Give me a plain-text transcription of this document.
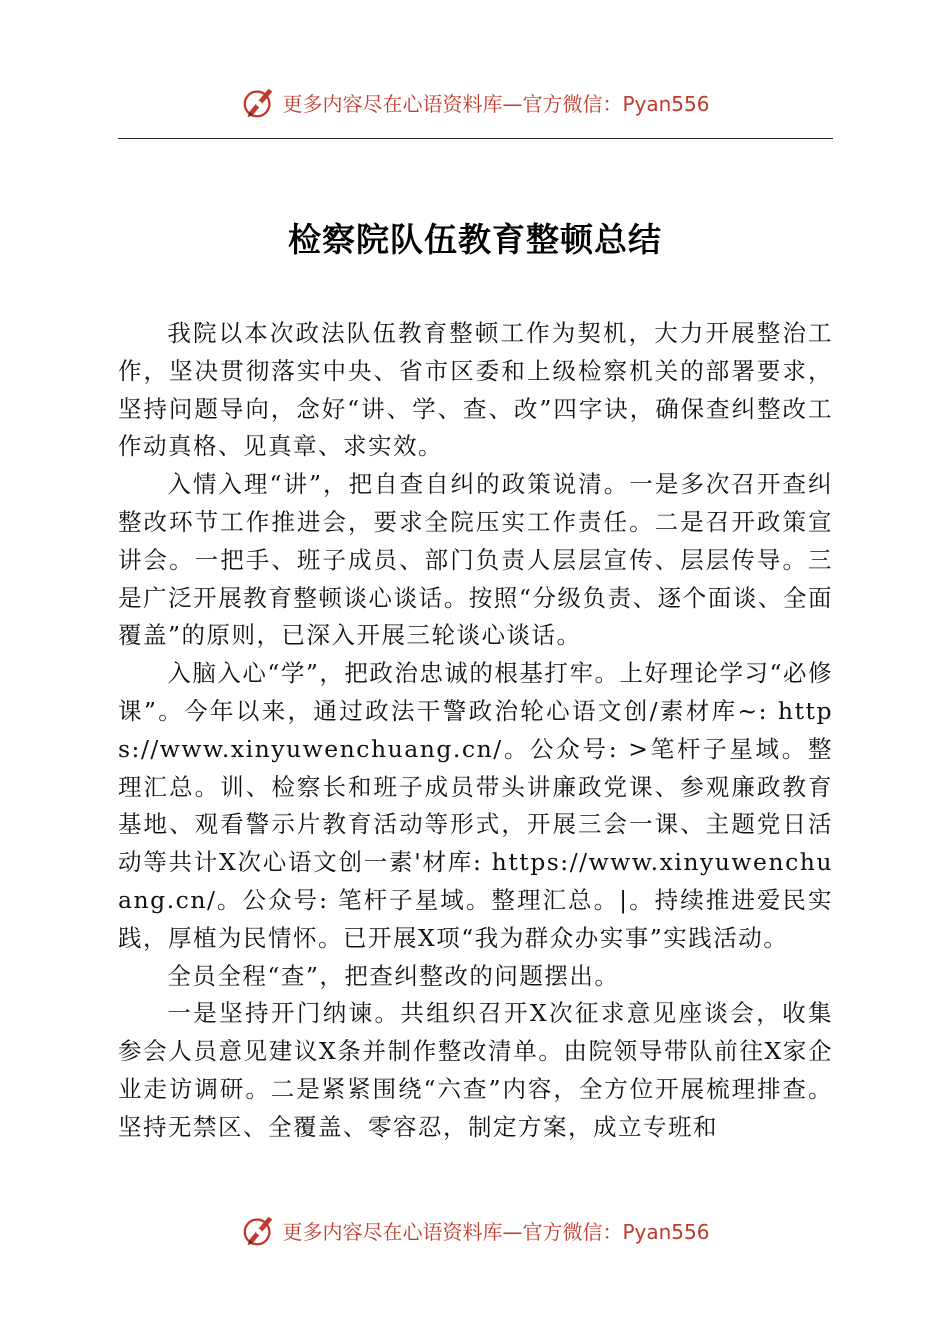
更多内容尽在心语资料库—官方微信：Pyan556
检察院队伍教育整顿总结

我院以本次政法队伍教育整顿工作为契机，大力开展整治工作，坚决贯彻落实中央、省市区委和上级检察机关的部署要求，坚持问题导向，念好“讲、学、查、改”四字诀，确保查纠整改工作动真格、见真章、求实效。

入情入理“讲”，把自查自纠的政策说清。一是多次召开查纠整改环节工作推进会，要求全院压实工作责任。二是召开政策宣讲会。一把手、班子成员、部门负责人层层宣传、层层传导。三是广泛开展教育整顿谈心谈话。按照“分级负责、逐个面谈、全面覆盖”的原则，已深入开展三轮谈心谈话。

入脑入心“学”，把政治忠诚的根基打牢。上好理论学习“必修课”。今年以来，通过政法干警政治轮心语文创/素材库~: https://www.xinyuwenchuang.cn/。公众号: >笔杆子星域。整理汇总。训、检察长和班子成员带头讲廉政党课、参观廉政教育基地、观看警示片教育活动等形式，开展三会一课、主题党日活动等共计X次心语文创一素'材库: https://www.xinyuwenchuang.cn/。公众号: 笔杆子星域。整理汇总。|。持续推进爱民实践，厚植为民情怀。已开展X项“我为群众办实事”实践活动。

全员全程“查”，把查纠整改的问题摆出。

一是坚持开门纳谏。共组织召开X次征求意见座谈会，收集参会人员意见建议X条并制作整改清单。由院领导带队前往X家企业走访调研。二是紧紧围绕“六查”内容，全方位开展梳理排查。坚持无禁区、全覆盖、零容忍，制定方案，成立专班和

更多内容尽在心语资料库—官方微信：Pyan556
